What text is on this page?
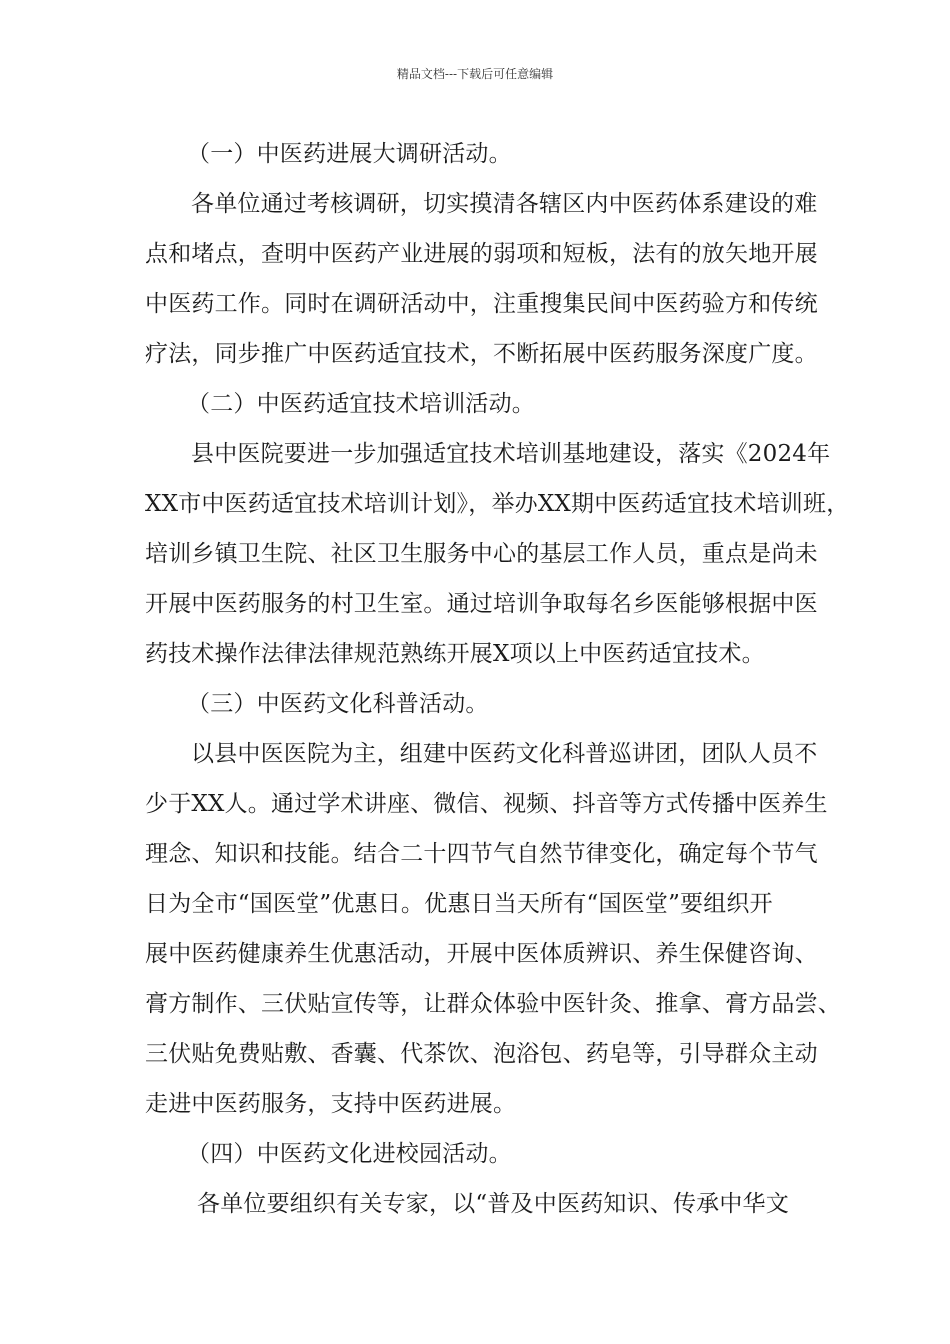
精品文档---下载后可任意编辑
（一）中医药进展大调研活动。
各单位通过考核调研，切实摸清各辖区内中医药体系建设的难
点和堵点，查明中医药产业进展的弱项和短板，法有的放矢地开展
中医药工作。同时在调研活动中，注重搜集民间中医药验方和传统
疗法，同步推广中医药适宜技术，不断拓展中医药服务深度广度。
（二）中医药适宜技术培训活动。
县中医院要进一步加强适宜技术培训基地建设，落实《2024年
XX市中医药适宜技术培训计划》，举办XX期中医药适宜技术培训班，
培训乡镇卫生院、社区卫生服务中心的基层工作人员，重点是尚未
开展中医药服务的村卫生室。通过培训争取每名乡医能够根据中医
药技术操作法律法律规范熟练开展X项以上中医药适宜技术。
（三）中医药文化科普活动。
以县中医医院为主，组建中医药文化科普巡讲团，团队人员不
少于XX人。通过学术讲座、微信、视频、抖音等方式传播中医养生
理念、知识和技能。结合二十四节气自然节律变化，确定每个节气
日为全市“国医堂”优惠日。优惠日当天所有“国医堂”要组织开
展中医药健康养生优惠活动，开展中医体质辨识、养生保健咨询、
膏方制作、三伏贴宣传等，让群众体验中医针灸、推拿、膏方品尝、
三伏贴免费贴敷、香囊、代茶饮、泡浴包、药皂等，引导群众主动
走进中医药服务，支持中医药进展。
（四）中医药文化进校园活动。
各单位要组织有关专家，以“普及中医药知识、传承中华文
